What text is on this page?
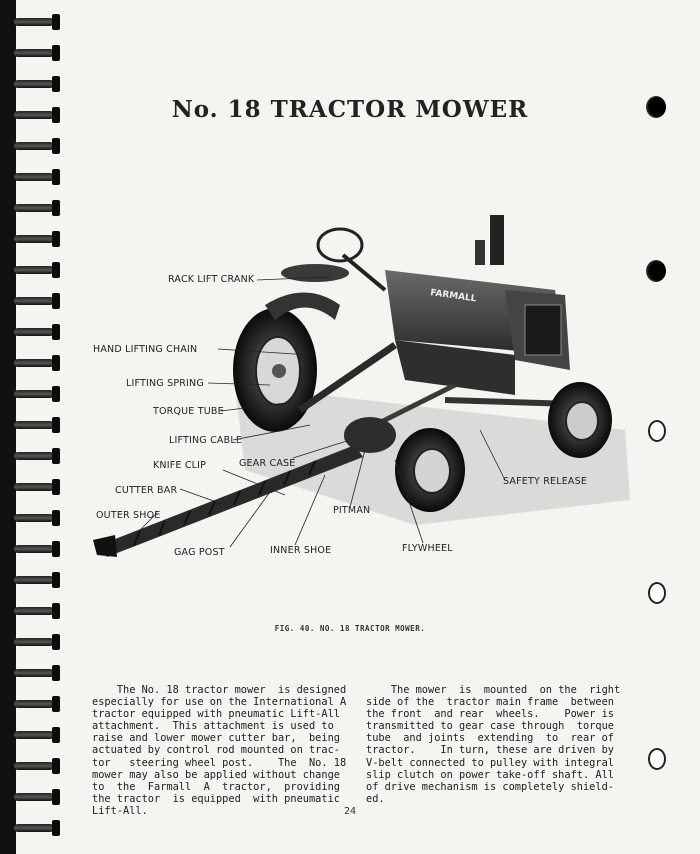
No. 18 TRACTOR MOWER
FARMALL
RACK LIFT CRANK
HAND LIFTING CHAIN
LIFTING SPRING
TORQUE TUBE
LIFTING CABLE
KNIFE CLIP	GEAR CASE
CUTTER BAR
OUTER SHOE
GAG POST	INNER SHOE
PITMAN
FLYWHEEL
SAFETY RELEASE
FIG. 40. NO. 18 TRACTOR MOWER.
The No. 18 tractor mower  is designed
especially for use on the International A
tractor equipped with pneumatic Lift-All
attachment.  This attachment is used to
raise and lower mower cutter bar,  being
actuated by control rod mounted on trac-
tor   steering wheel post.    The  No. 18
mower may also be applied without change
to  the  Farmall  A  tractor,  providing
the tractor  is equipped  with pneumatic
Lift-All.
The mower  is  mounted  on the  right
side of the  tractor main frame  between
the front  and rear  wheels.    Power is
transmitted to gear case through  torque
tube  and joints  extending  to  rear of
tractor.    In turn, these are driven by
V-belt connected to pulley with integral
slip clutch on power take-off shaft. All
of drive mechanism is completely shield-
ed.
24
